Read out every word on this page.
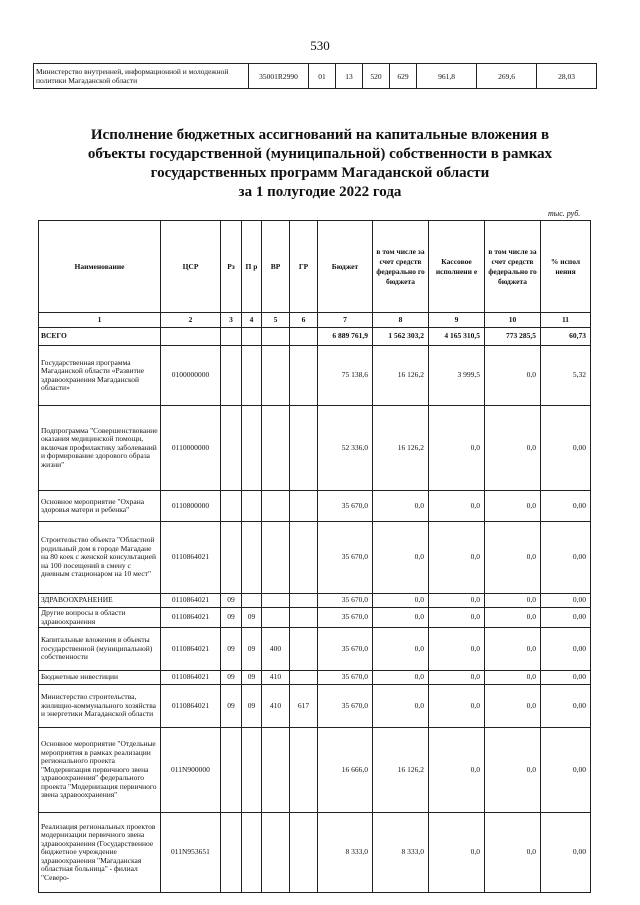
530
Министерство внутренней, информационной и молодежной политики Магаданской области	35001R2990	01	13	520	629	961,8	269,6	28,03
Исполнение бюджетных ассигнований на капитальные вложения в
объекты государственной (муниципальной) собственности в рамках
государственных программ Магаданской области
за 1 полугодие 2022 года
тыс. руб.
Наименование	ЦСР	Рз	П р	ВР	ГР	Бюджет	в том числе за счет средств федерально го бюджета	Кассовое исполнени е	в том числе за счет средств федерально го бюджета	% испол нения
1	2	3	4	5	6	7	8	9	10	11
ВСЕГО						6 889 761,9	1 562 303,2	4 165 310,5	773 285,5	60,73
Государственная программа Магаданской области «Развитие здравоохранения Магаданской области»	0100000000					75 138,6	16 126,2	3 999,5	0,0	5,32
Подпрограмма "Совершенствование оказания медицинской помощи, включая профилактику заболеваний и формирование здорового образа жизни"	0110000000					52 336,0	16 126,2	0,0	0,0	0,00
Основное мероприятие "Охрана здоровья матери и ребенка"	0110800000					35 670,0	0,0	0,0	0,0	0,00
Строительство объекта "Областной родильный дом в городе Магадане на 80 коек с женской консультацией на 100 посещений в смену с дневным стационаром на 10 мест"	0110864021					35 670,0	0,0	0,0	0,0	0,00
ЗДРАВООХРАНЕНИЕ	0110864021	09				35 670,0	0,0	0,0	0,0	0,00
Другие вопросы в области здравоохранения	0110864021	09	09			35 670,0	0,0	0,0	0,0	0,00
Капитальные вложения в объекты государственной (муниципальной) собственности	0110864021	09	09	400		35 670,0	0,0	0,0	0,0	0,00
Бюджетные инвестиции	0110864021	09	09	410		35 670,0	0,0	0,0	0,0	0,00
Министерство строительства, жилищно-коммунального хозяйства и энергетики Магаданской области	0110864021	09	09	410	617	35 670,0	0,0	0,0	0,0	0,00
Основное мероприятие "Отдельные мероприятия в рамках реализации регионального проекта "Модернизация первичного звена здравоохранения" федерального проекта "Модернизация первичного звена здравоохранения"	011N900000					16 666,0	16 126,2	0,0	0,0	0,00
Реализация региональных проектов модернизации первичного звена здравоохранения (Государственное бюджетное учреждение здравоохранения "Магаданская областная больница" - филиал "Северо-	011N953651					8 333,0	8 333,0	0,0	0,0	0,00
